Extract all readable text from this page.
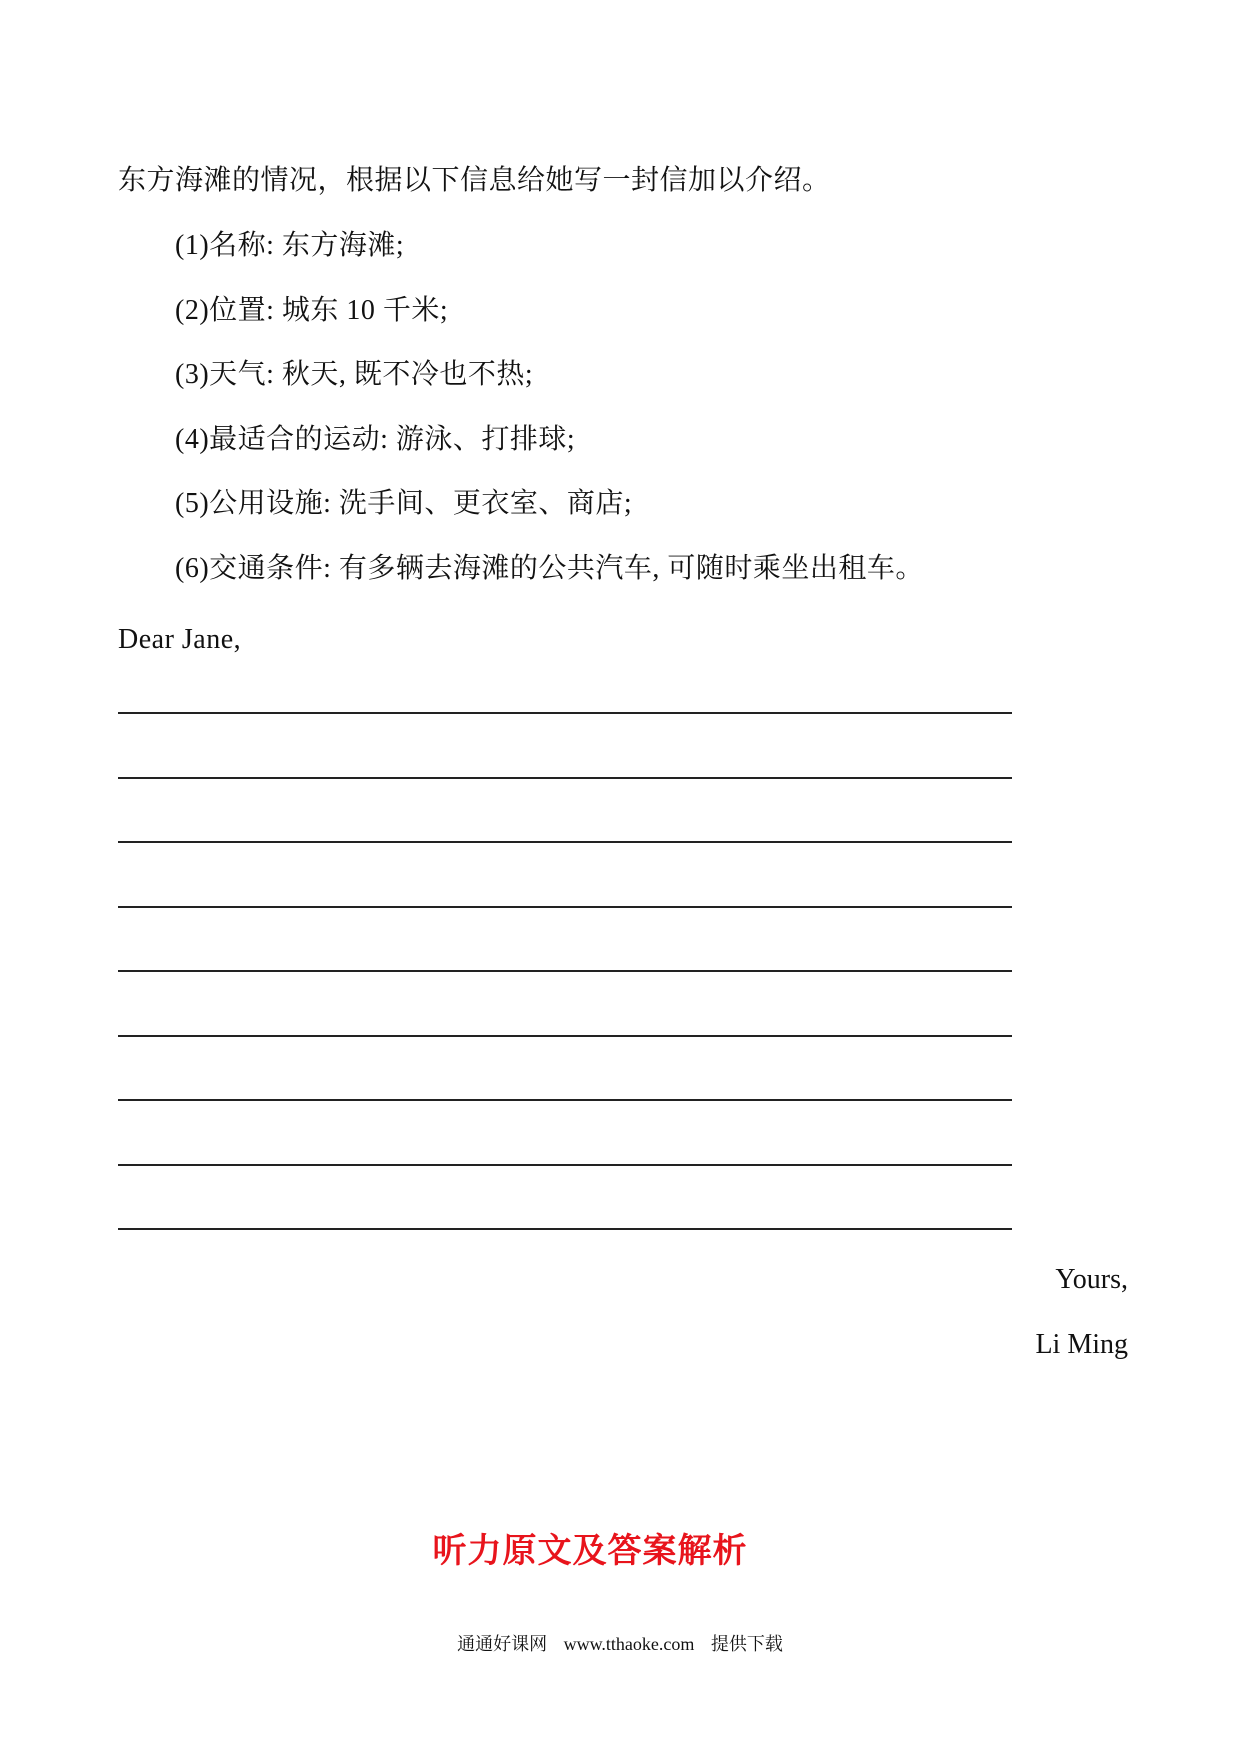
东方海滩的情况，根据以下信息给她写一封信加以介绍。
(1)名称: 东方海滩;
(2)位置: 城东 10 千米;
(3)天气: 秋天, 既不冷也不热;
(4)最适合的运动: 游泳、打排球;
(5)公用设施: 洗手间、更衣室、商店;
(6)交通条件: 有多辆去海滩的公共汽车, 可随时乘坐出租车。
Dear Jane,
Yours,
Li Ming
听力原文及答案解析
通通好课网 www.tthaoke.com 提供下载
